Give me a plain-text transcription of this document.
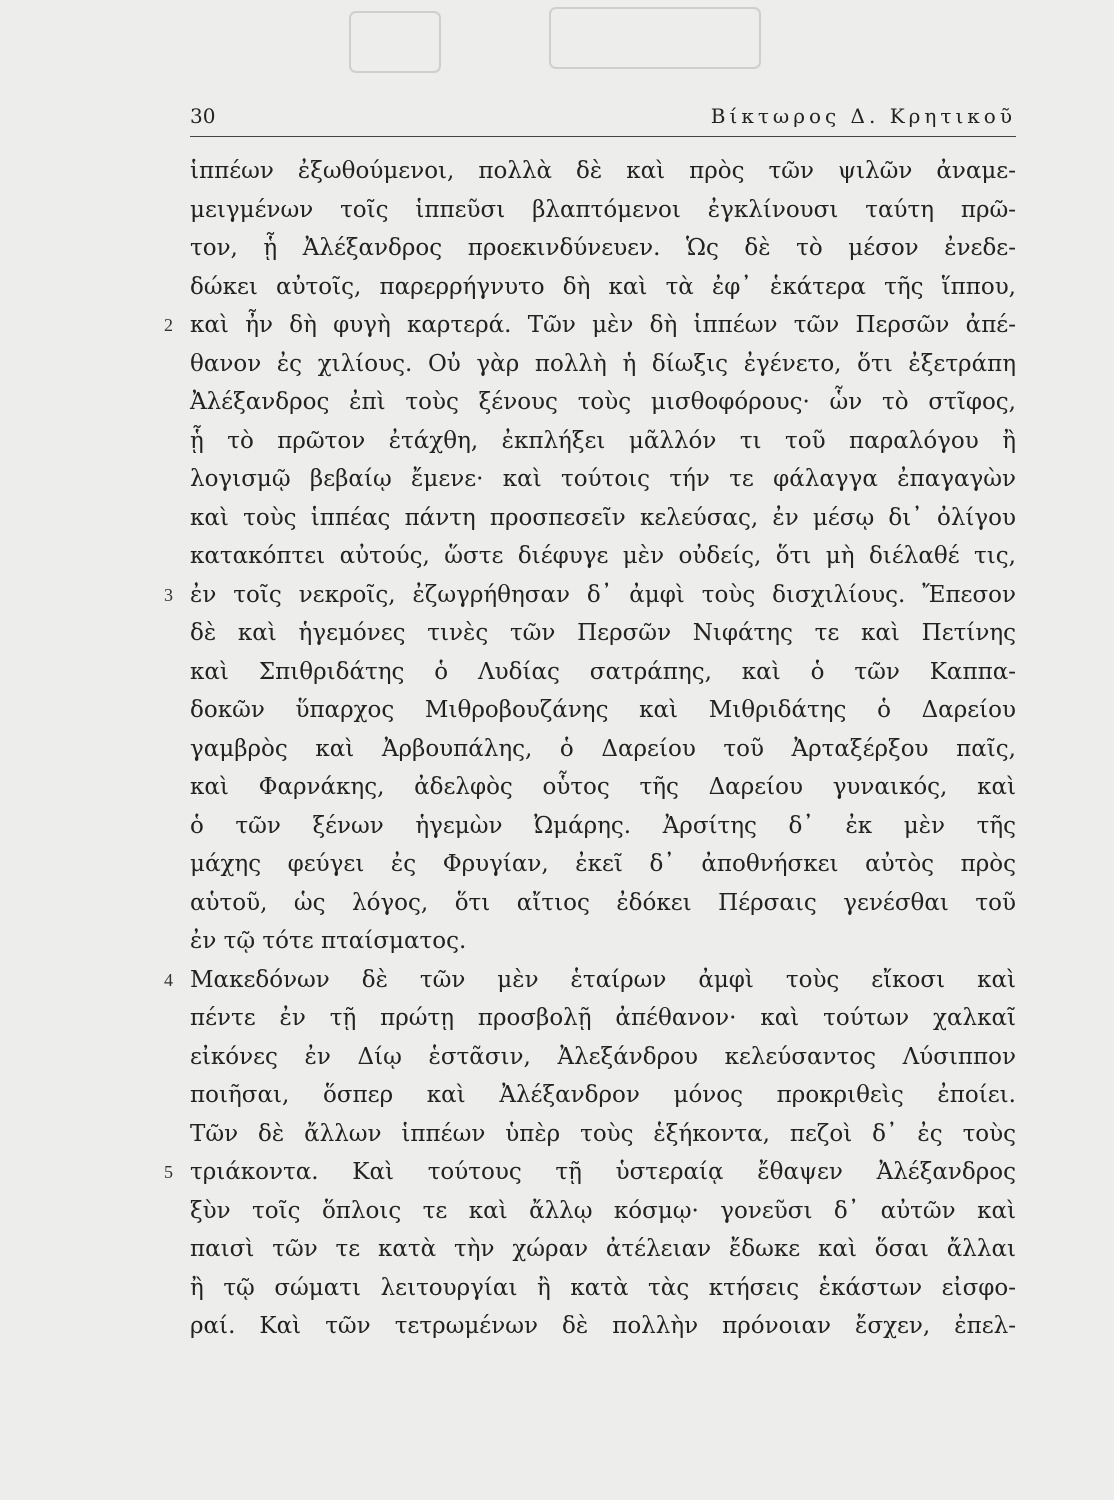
30	Βίκτωρος Δ. Κρητικοῦ
ἱππέων ἐξωθούμενοι, πολλὰ δὲ καὶ πρὸς τῶν ψιλῶν ἀναμε-
μειγμένων τοῖς ἱππεῦσι βλαπτόμενοι ἐγκλίνουσι ταύτη πρῶ-
τον, ᾗ Ἀλέξανδρος προεκινδύνευεν. Ὡς δὲ τὸ μέσον ἐνεδε-
δώκει αὐτοῖς, παρερρήγνυτο δὴ καὶ τὰ ἐφ᾽ ἑκάτερα τῆς ἵππου,
2 καὶ ἦν δὴ φυγὴ καρτερά. Τῶν μὲν δὴ ἱππέων τῶν Περσῶν ἀπέ-
θανον ἐς χιλίους. Οὐ γὰρ πολλὴ ἡ δίωξις ἐγένετο, ὅτι ἐξετράπη
Ἀλέξανδρος ἐπὶ τοὺς ξένους τοὺς μισθοφόρους· ὧν τὸ στῖφος,
ᾗ τὸ πρῶτον ἐτάχθη, ἐκπλήξει μᾶλλόν τι τοῦ παραλόγου ἢ
λογισμῷ βεβαίῳ ἔμενε· καὶ τούτοις τήν τε φάλαγγα ἐπαγαγὼν
καὶ τοὺς ἱππέας πάντη προσπεσεῖν κελεύσας, ἐν μέσῳ δι᾽ ὀλίγου
κατακόπτει αὐτούς, ὥστε διέφυγε μὲν οὐδείς, ὅτι μὴ διέλαθέ τις,
3 ἐν τοῖς νεκροῖς, ἐζωγρήθησαν δ᾽ ἀμφὶ τοὺς δισχιλίους. Ἔπεσον
δὲ καὶ ἡγεμόνες τινὲς τῶν Περσῶν Νιφάτης τε καὶ Πετίνης
καὶ Σπιθριδάτης ὁ Λυδίας σατράπης, καὶ ὁ τῶν Καππα-
δοκῶν ὕπαρχος Μιθροβουζάνης καὶ Μιθριδάτης ὁ Δαρείου
γαμβρὸς καὶ Ἀρβουπάλης, ὁ Δαρείου τοῦ Ἀρταξέρξου παῖς,
καὶ Φαρνάκης, ἀδελφὸς οὗτος τῆς Δαρείου γυναικός, καὶ
ὁ τῶν ξένων ἡγεμὼν Ὠμάρης. Ἀρσίτης δ᾽ ἐκ μὲν τῆς
μάχης φεύγει ἐς Φρυγίαν, ἐκεῖ δ᾽ ἀποθνήσκει αὐτὸς πρὸς
αὑτοῦ, ὡς λόγος, ὅτι αἴτιος ἐδόκει Πέρσαις γενέσθαι τοῦ
ἐν τῷ τότε πταίσματος.
4 Μακεδόνων δὲ τῶν μὲν ἑταίρων ἀμφὶ τοὺς εἴκοσι καὶ
πέντε ἐν τῇ πρώτῃ προσβολῇ ἀπέθανον· καὶ τούτων χαλκαῖ
εἰκόνες ἐν Δίῳ ἑστᾶσιν, Ἀλεξάνδρου κελεύσαντος Λύσιππον
ποιῆσαι, ὅσπερ καὶ Ἀλέξανδρον μόνος προκριθεὶς ἐποίει.
Τῶν δὲ ἄλλων ἱππέων ὑπὲρ τοὺς ἑξήκοντα, πεζοὶ δ᾽ ἐς τοὺς
5 τριάκοντα. Καὶ τούτους τῇ ὑστεραίᾳ ἔθαψεν Ἀλέξανδρος
ξὺν τοῖς ὅπλοις τε καὶ ἄλλῳ κόσμῳ· γονεῦσι δ᾽ αὐτῶν καὶ
παισὶ τῶν τε κατὰ τὴν χώραν ἀτέλειαν ἔδωκε καὶ ὅσαι ἄλλαι
ἢ τῷ σώματι λειτουργίαι ἢ κατὰ τὰς κτήσεις ἑκάστων εἰσφο-
ραί. Καὶ τῶν τετρωμένων δὲ πολλὴν πρόνοιαν ἔσχεν, ἐπελ-
